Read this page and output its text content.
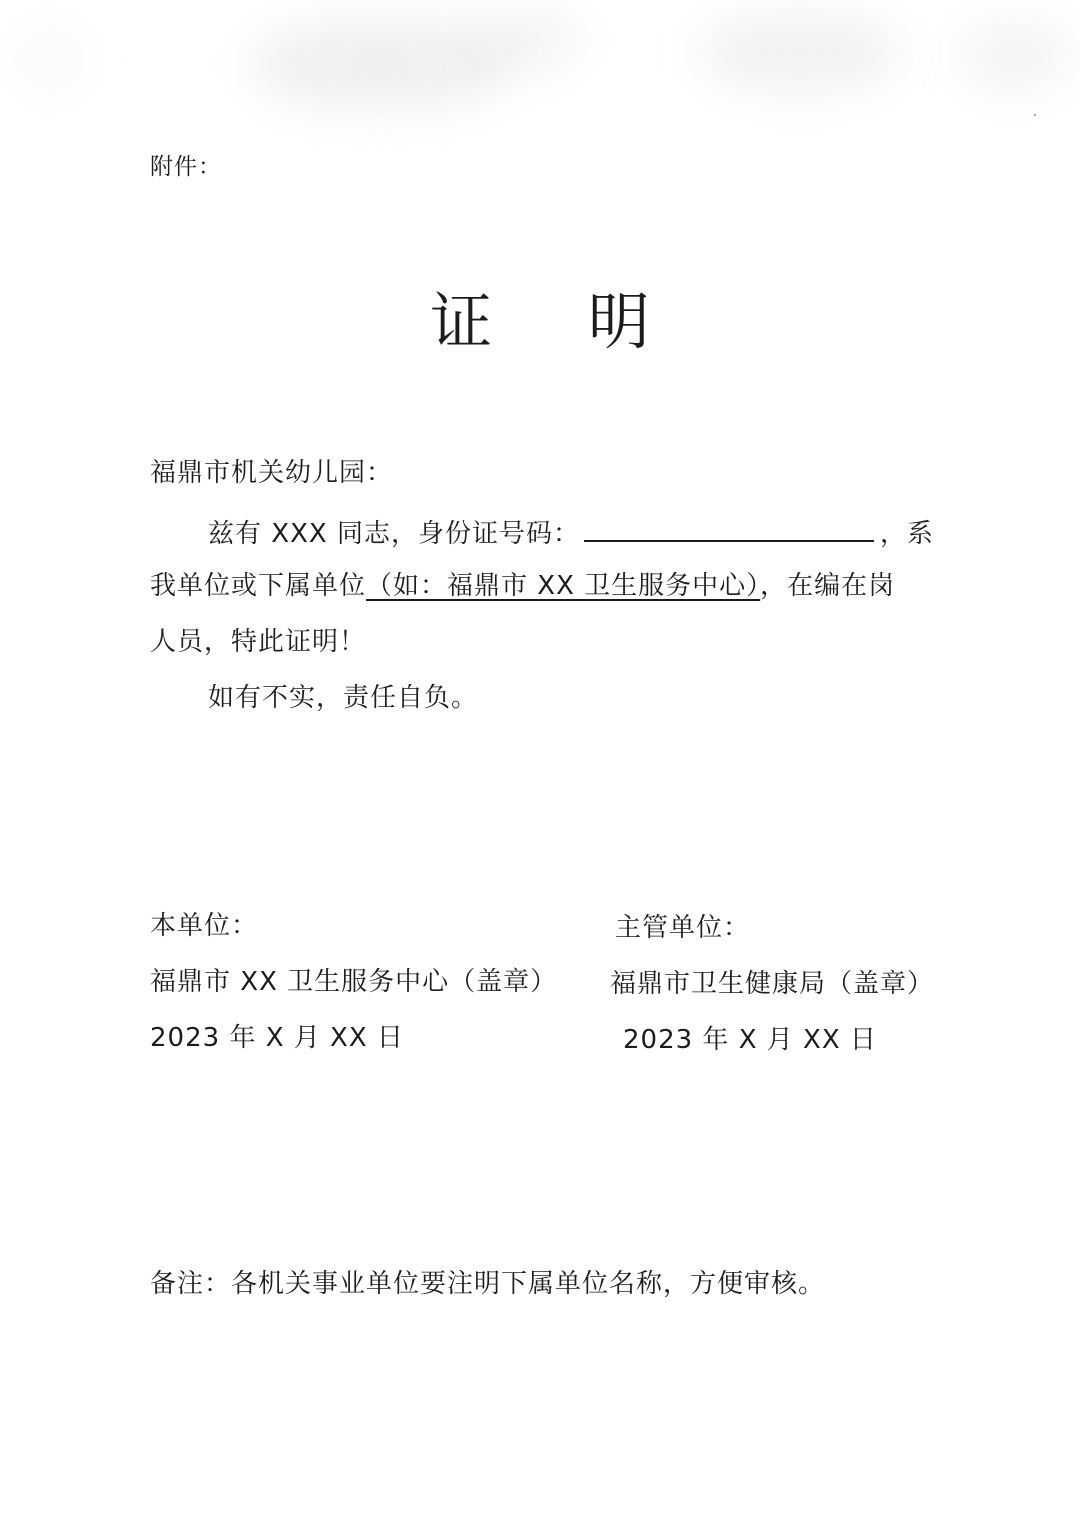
附件：

证 明

福鼎市机关幼儿园：

兹有 XXX 同志，身份证号码：	，系

我单位或下属单位（如：福鼎市 XX 卫生服务中心），在编在岗

人员，特此证明！

如有不实，责任自负。

本单位：

福鼎市 XX 卫生服务中心（盖章）

2023 年 X 月 XX 日

主管单位：

福鼎市卫生健康局（盖章）

2023 年 X 月 XX 日

备注：各机关事业单位要注明下属单位名称，方便审核。
